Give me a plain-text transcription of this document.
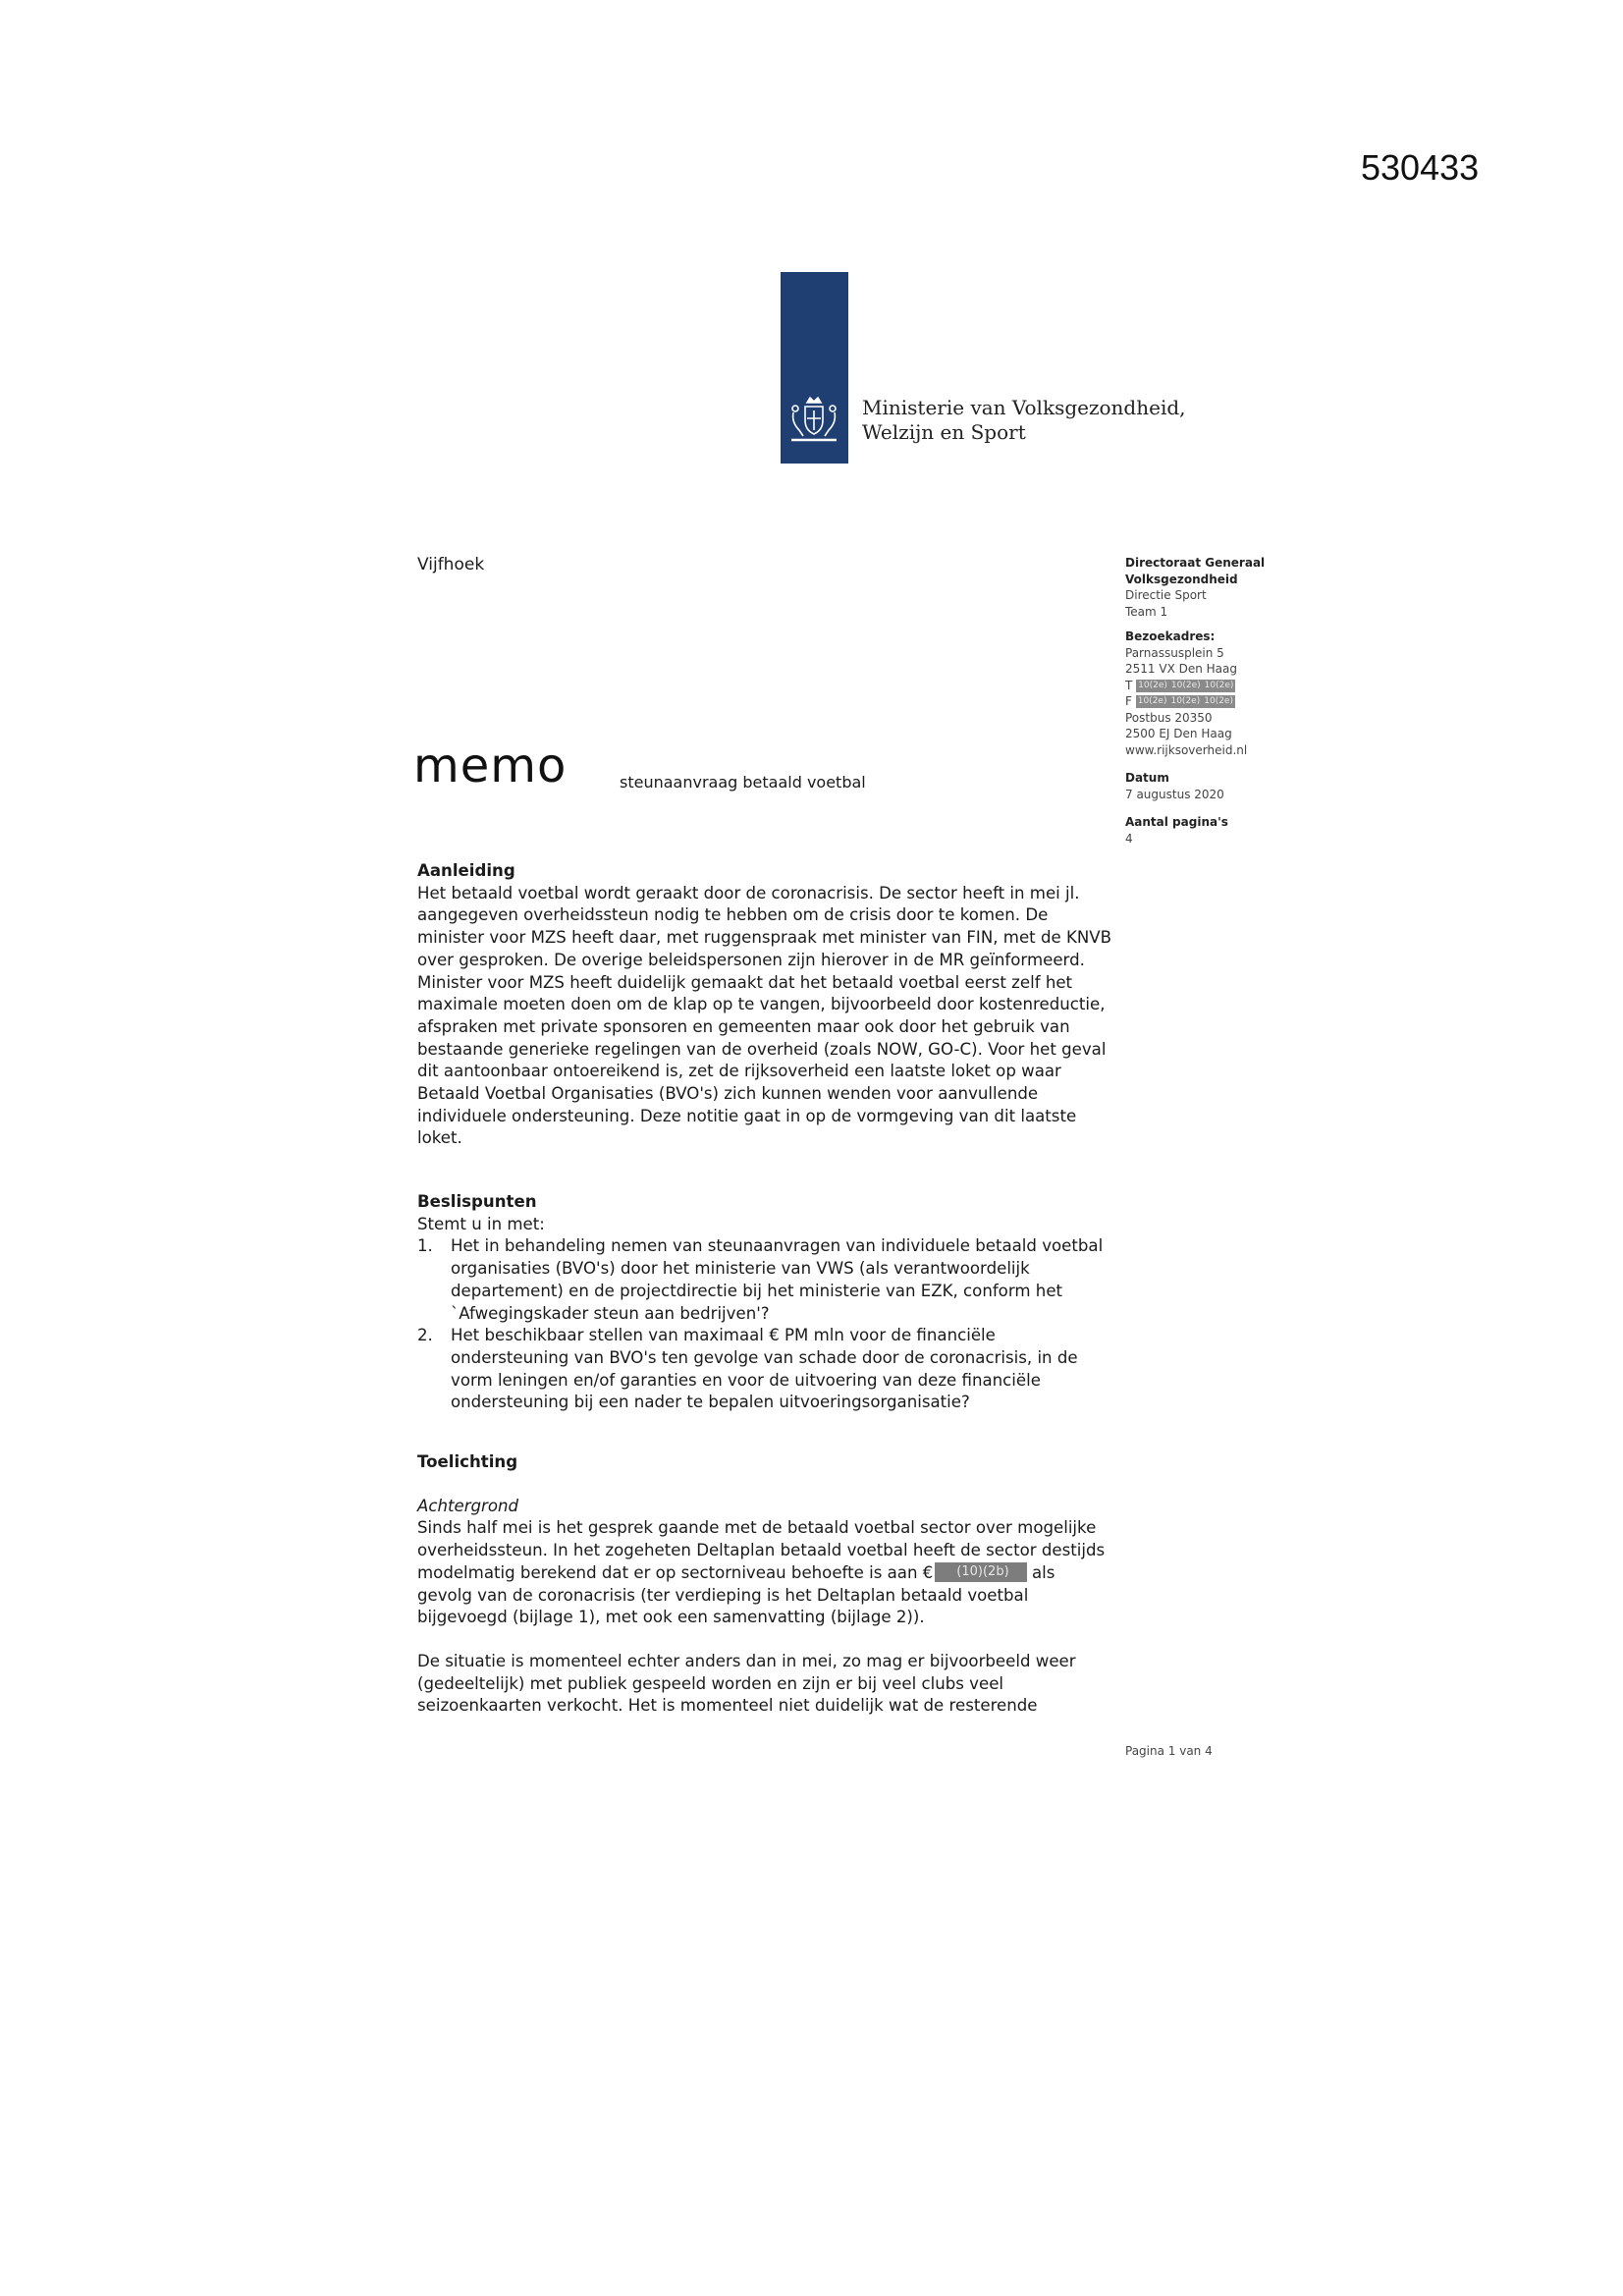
530433
Ministerie van Volksgezondheid,
Welzijn en Sport
Vijfhoek
memo	steunaanvraag betaald voetbal
Directoraat Generaal
Volksgezondheid
Directie Sport
Team 1
Bezoekadres:
Parnassusplein 5
2511 VX Den Haag
T 10(2e) 10(2e) 10(2e)
F 10(2e) 10(2e) 10(2e)
Postbus 20350
2500 EJ Den Haag
www.rijksoverheid.nl
Datum
7 augustus 2020
Aantal pagina's
4
Aanleiding
Het betaald voetbal wordt geraakt door de coronacrisis. De sector heeft in mei jl. aangegeven overheidssteun nodig te hebben om de crisis door te komen. De minister voor MZS heeft daar, met ruggenspraak met minister van FIN, met de KNVB over gesproken. De overige beleidspersonen zijn hierover in de MR geïnformeerd.
Minister voor MZS heeft duidelijk gemaakt dat het betaald voetbal eerst zelf het maximale moeten doen om de klap op te vangen, bijvoorbeeld door kostenreductie, afspraken met private sponsoren en gemeenten maar ook door het gebruik van bestaande generieke regelingen van de overheid (zoals NOW, GO-C). Voor het geval dit aantoonbaar ontoereikend is, zet de rijksoverheid een laatste loket op waar Betaald Voetbal Organisaties (BVO's) zich kunnen wenden voor aanvullende individuele ondersteuning. Deze notitie gaat in op de vormgeving van dit laatste loket.
Beslispunten
Stemt u in met:
1. Het in behandeling nemen van steunaanvragen van individuele betaald voetbal organisaties (BVO's) door het ministerie van VWS (als verantwoordelijk departement) en de projectdirectie bij het ministerie van EZK, conform het `Afwegingskader steun aan bedrijven'?
2. Het beschikbaar stellen van maximaal € PM mln voor de financiële ondersteuning van BVO's ten gevolge van schade door de coronacrisis, in de vorm leningen en/of garanties en voor de uitvoering van deze financiële ondersteuning bij een nader te bepalen uitvoeringsorganisatie?
Toelichting
Achtergrond
Sinds half mei is het gesprek gaande met de betaald voetbal sector over mogelijke overheidssteun. In het zogeheten Deltaplan betaald voetbal heeft de sector destijds modelmatig berekend dat er op sectorniveau behoefte is aan € (10)(2b) als gevolg van de coronacrisis (ter verdieping is het Deltaplan betaald voetbal bijgevoegd (bijlage 1), met ook een samenvatting (bijlage 2)).
De situatie is momenteel echter anders dan in mei, zo mag er bijvoorbeeld weer (gedeeltelijk) met publiek gespeeld worden en zijn er bij veel clubs veel seizoenkaarten verkocht. Het is momenteel niet duidelijk wat de resterende
Pagina 1 van 4
